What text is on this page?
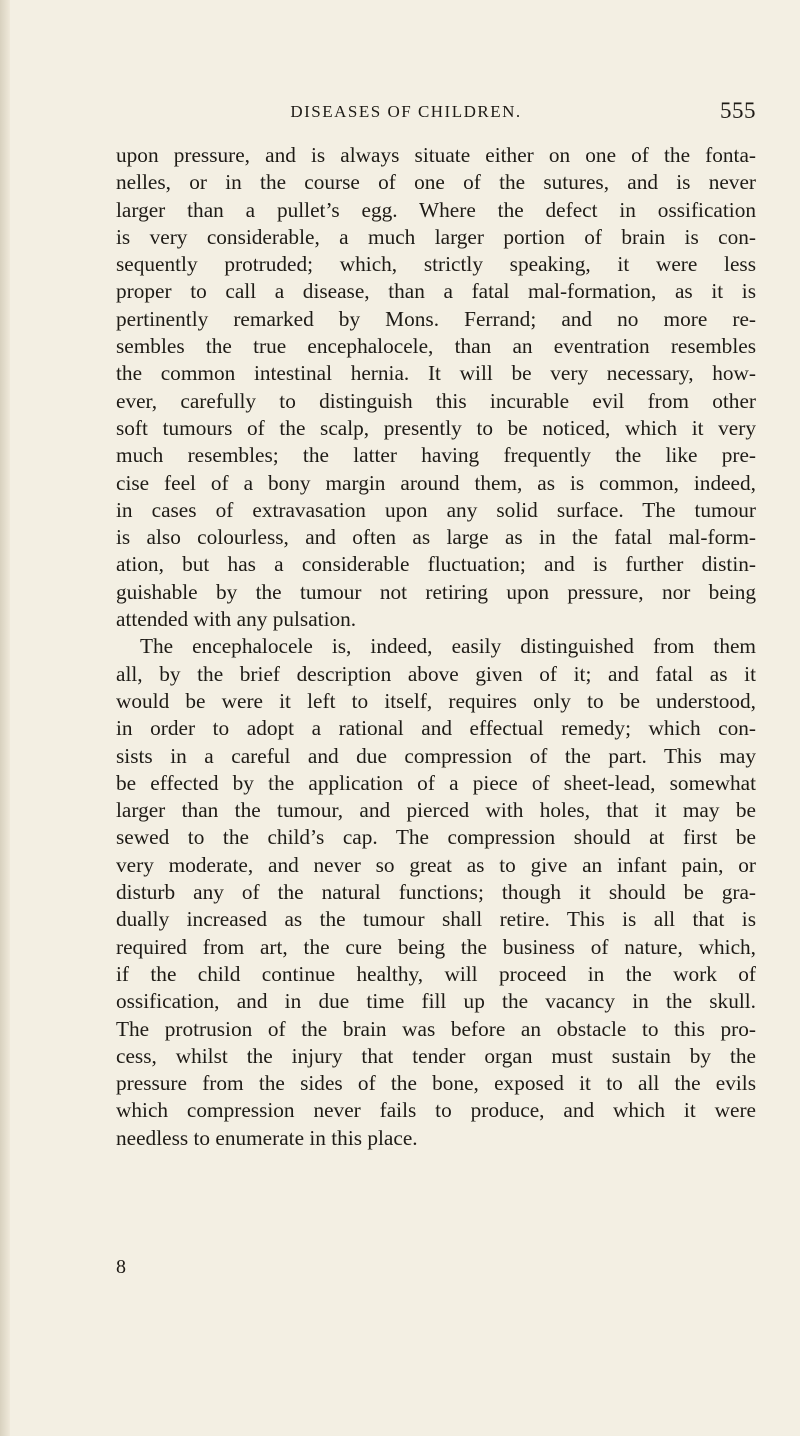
DISEASES OF CHILDREN.	555
upon pressure, and is always situate either on one of the fonta-
nelles, or in the course of one of the sutures, and is never
larger than a pullet’s egg. Where the defect in ossification
is very considerable, a much larger portion of brain is con-
sequently protruded; which, strictly speaking, it were less
proper to call a disease, than a fatal mal-formation, as it is
pertinently remarked by Mons. Ferrand; and no more re-
sembles the true encephalocele, than an eventration resembles
the common intestinal hernia. It will be very necessary, how-
ever, carefully to distinguish this incurable evil from other
soft tumours of the scalp, presently to be noticed, which it very
much resembles; the latter having frequently the like pre-
cise feel of a bony margin around them, as is common, indeed,
in cases of extravasation upon any solid surface. The tumour
is also colourless, and often as large as in the fatal mal-form-
ation, but has a considerable fluctuation; and is further distin-
guishable by the tumour not retiring upon pressure, nor being
attended with any pulsation.
The encephalocele is, indeed, easily distinguished from them
all, by the brief description above given of it; and fatal as it
would be were it left to itself, requires only to be understood,
in order to adopt a rational and effectual remedy; which con-
sists in a careful and due compression of the part. This may
be effected by the application of a piece of sheet-lead, somewhat
larger than the tumour, and pierced with holes, that it may be
sewed to the child’s cap. The compression should at first be
very moderate, and never so great as to give an infant pain, or
disturb any of the natural functions; though it should be gra-
dually increased as the tumour shall retire. This is all that is
required from art, the cure being the business of nature, which,
if the child continue healthy, will proceed in the work of
ossification, and in due time fill up the vacancy in the skull.
The protrusion of the brain was before an obstacle to this pro-
cess, whilst the injury that tender organ must sustain by the
pressure from the sides of the bone, exposed it to all the evils
which compression never fails to produce, and which it were
needless to enumerate in this place.
8
